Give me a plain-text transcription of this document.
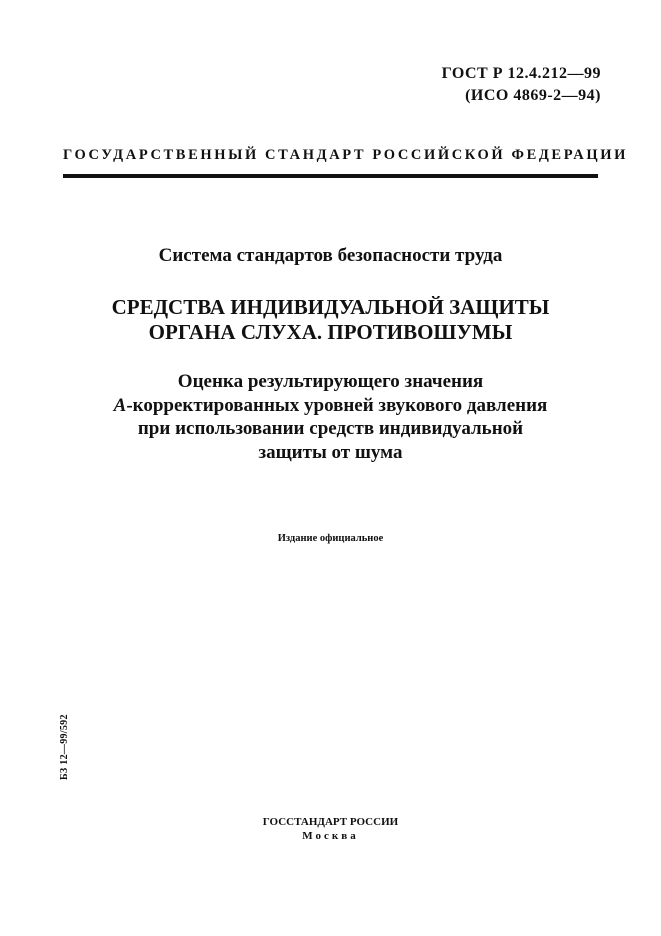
ГОСТ Р 12.4.212—99
(ИСО 4869-2—94)
ГОСУДАРСТВЕННЫЙ СТАНДАРТ РОССИЙСКОЙ ФЕДЕРАЦИИ
Система стандартов безопасности труда
СРЕДСТВА ИНДИВИДУАЛЬНОЙ ЗАЩИТЫ
ОРГАНА СЛУХА. ПРОТИВОШУМЫ
Оценка результирующего значения
А-корректированных уровней звукового давления
при использовании средств индивидуальной
защиты от шума
Издание официальное
БЗ 12—99/592
ГОССТАНДАРТ РОССИИ
Москва
